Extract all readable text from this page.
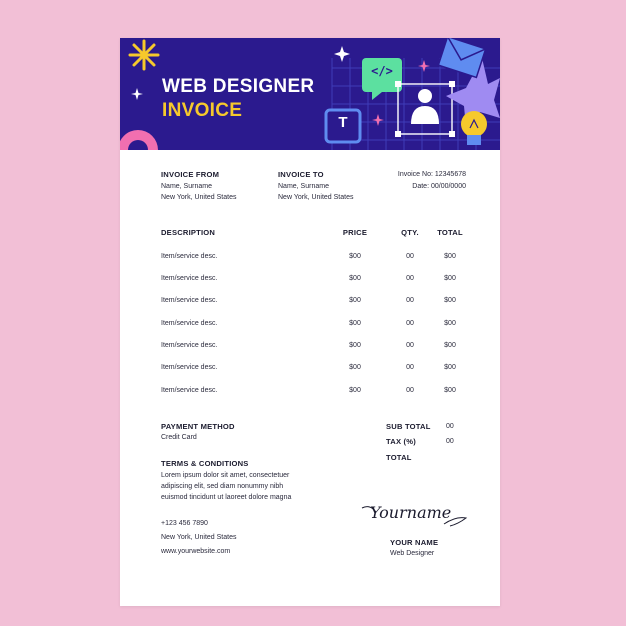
WEB DESIGNER
INVOICE
</>
T
INVOICE FROM
Name, Surname
New York, United States
INVOICE TO
Name, Surname
New York, United States
Invoice No: 12345678
Date: 00/00/0000
DESCRIPTION	PRICE	QTY.	TOTAL
Item/service desc.	$00	00	$00
Item/service desc.	$00	00	$00
Item/service desc.	$00	00	$00
Item/service desc.	$00	00	$00
Item/service desc.	$00	00	$00
Item/service desc.	$00	00	$00
Item/service desc.	$00	00	$00
PAYMENT METHOD
Credit Card
SUB TOTAL 00
TAX (%)	00
TOTAL
TERMS & CONDITIONS
Lorem ipsum dolor sit amet, consectetuer
adipiscing elit, sed diam nonummy nibh
euismod tincidunt ut laoreet dolore magna
+123 456 7890
New York, United States
www.yourwebsite.com
Yourname
YOUR NAME
Web Designer
